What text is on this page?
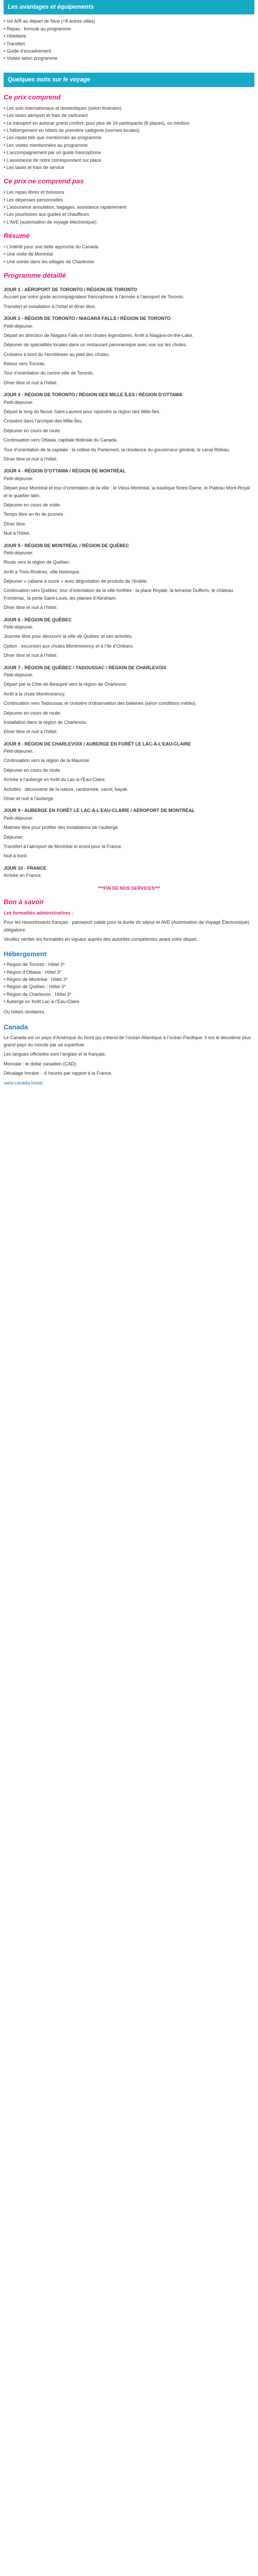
Les avantages et équipements
• Vol A/R au départ de Nice (+8 autres villes)
• Repas : formule au programme
• Hôtellerie
• Transfert
• Guide d’encadrement
• Visites selon programme
Quelques mots sur le voyage
Ce prix comprend
• Les vols internationaux et domestiques (selon itinéraire)
• Les taxes aéroport et frais de carburant
• Le transport en autocar grand confort, pour plus de 19 participants (8 places), ou minibus
• L’hébergement en hôtels de première catégorie (normes locales)
• Les repas tels que mentionnés au programme
• Les visites mentionnées au programme
• L’accompagnement par un guide francophone
• L’assistance de notre correspondant sur place
• Les taxes et frais de service
Ce prix ne comprend pas
• Les repas libres et boissons
• Les dépenses personnelles
• L’assurance annulation, bagages, assistance rapatriement
• Les pourboires aux guides et chauffeurs
• L’AVE (autorisation de voyage électronique)
Résumé
• L’intérêt pour une belle approche du Canada
• Une visite de Montréal
• Une soirée dans les villages de Charlevoix
Programme détaillé
JOUR 1 - AÉROPORT DE TORONTO / RÉGION DE TORONTO

Accueil par votre guide accompagnateur francophone à l’arrivée à l’aéroport de Toronto.

Transfert et installation à l’hôtel et dîner libre.

JOUR 2 - RÉGION DE TORONTO / NIAGARA FALLS / RÉGION DE TORONTO

Petit-déjeuner.

Départ en direction de Niagara Falls et ses chutes légendaires. Arrêt à Niagara-on-the-Lake.

Déjeuner de spécialités locales dans un restaurant panoramique avec vue sur les chutes.

Croisière à bord du Hornblower au pied des chutes.

Retour vers Toronto.

Tour d’orientation du centre-ville de Toronto.

Dîner libre et nuit à l’hôtel.

JOUR 3 - RÉGION DE TORONTO / RÉGION DES MILLE ÎLES / RÉGION D’OTTAWA

Petit-déjeuner.

Départ le long du fleuve Saint-Laurent pour rejoindre la région des Mille-Îles.

Croisière dans l’archipel des Mille-Îles.

Déjeuner en cours de route.

Continuation vers Ottawa, capitale fédérale du Canada.

Tour d’orientation de la capitale : la colline du Parlement, la résidence du gouverneur général, le canal Rideau.

Dîner libre et nuit à l’hôtel.

JOUR 4 - RÉGION D’OTTAWA / RÉGION DE MONTRÉAL

Petit-déjeuner.

Départ pour Montréal et tour d’orientation de la ville : le Vieux-Montréal, la basilique Notre-Dame, le Plateau Mont-Royal et le quartier latin.

Déjeuner en cours de visite.

Temps libre en fin de journée.

Dîner libre.

Nuit à l’hôtel.

JOUR 5 - RÉGION DE MONTRÉAL / RÉGION DE QUÉBEC

Petit-déjeuner.

Route vers la région de Québec.

Arrêt à Trois-Rivières, ville historique.

Déjeuner « cabane à sucre » avec dégustation de produits de l’érable.

Continuation vers Québec, tour d’orientation de la ville fortifiée : la place Royale, la terrasse Dufferin, le château Frontenac, la porte Saint-Louis, les plaines d’Abraham.

Dîner libre et nuit à l’hôtel.

JOUR 6 - RÉGION DE QUÉBEC

Petit-déjeuner.

Journée libre pour découvrir la ville de Québec et ses activités.

Option : excursion aux chutes Montmorency et à l’île d’Orléans.

Dîner libre et nuit à l’hôtel.

JOUR 7 - RÉGION DE QUÉBEC / TADOUSSAC / RÉGION DE CHARLEVOIX

Petit-déjeuner.

Départ par la Côte-de-Beaupré vers la région de Charlevoix.

Arrêt à la chute Montmorency.

Continuation vers Tadoussac et croisière d’observation des baleines (selon conditions météo).

Déjeuner en cours de route.

Installation dans la région de Charlevoix.

Dîner libre et nuit à l’hôtel.

JOUR 8 - RÉGION DE CHARLEVOIX / AUBERGE EN FORÊT LE LAC-À-L’EAU-CLAIRE

Petit-déjeuner.

Continuation vers la région de la Mauricie.

Déjeuner en cours de route.

Arrivée à l’auberge en forêt du Lac-à-l’Eau-Claire.

Activités : découverte de la nature, randonnée, canot, kayak.

Dîner et nuit à l’auberge.

JOUR 9 - AUBERGE EN FORÊT LE LAC-À-L’EAU-CLAIRE / AÉROPORT DE MONTRÉAL

Petit-déjeuner.

Matinée libre pour profiter des installations de l’auberge.

Déjeuner.

Transfert à l’aéroport de Montréal et envol pour la France.

Nuit à bord.

JOUR 10 - FRANCE

Arrivée en France.

***FIN DE NOS SERVICES***

Bon à savoir

Les formalités administratives :

Pour les ressortissants français : passeport valide pour la durée du séjour et AVE (Autorisation de Voyage Électronique) obligatoire.

Veuillez vérifier les formalités en vigueur auprès des autorités compétentes avant votre départ.

Hébergement
• Région de Toronto : Hôtel 3*
• Région d’Ottawa : Hôtel 3*
• Région de Montréal : Hôtel 3*
• Région de Québec : Hôtel 3*
• Région de Charlevoix : Hôtel 3*
• Auberge en forêt Lac-à-l’Eau-Claire

Ou hôtels similaires.

Canada

Le Canada est un pays d’Amérique du Nord qui s’étend de l’océan Atlantique à l’océan Pacifique. Il est le deuxième plus grand pays du monde par sa superficie.

Les langues officielles sont l’anglais et le français.

Monnaie : le dollar canadien (CAD).

Décalage horaire : -6 heures par rapport à la France.

www.canada.travel
